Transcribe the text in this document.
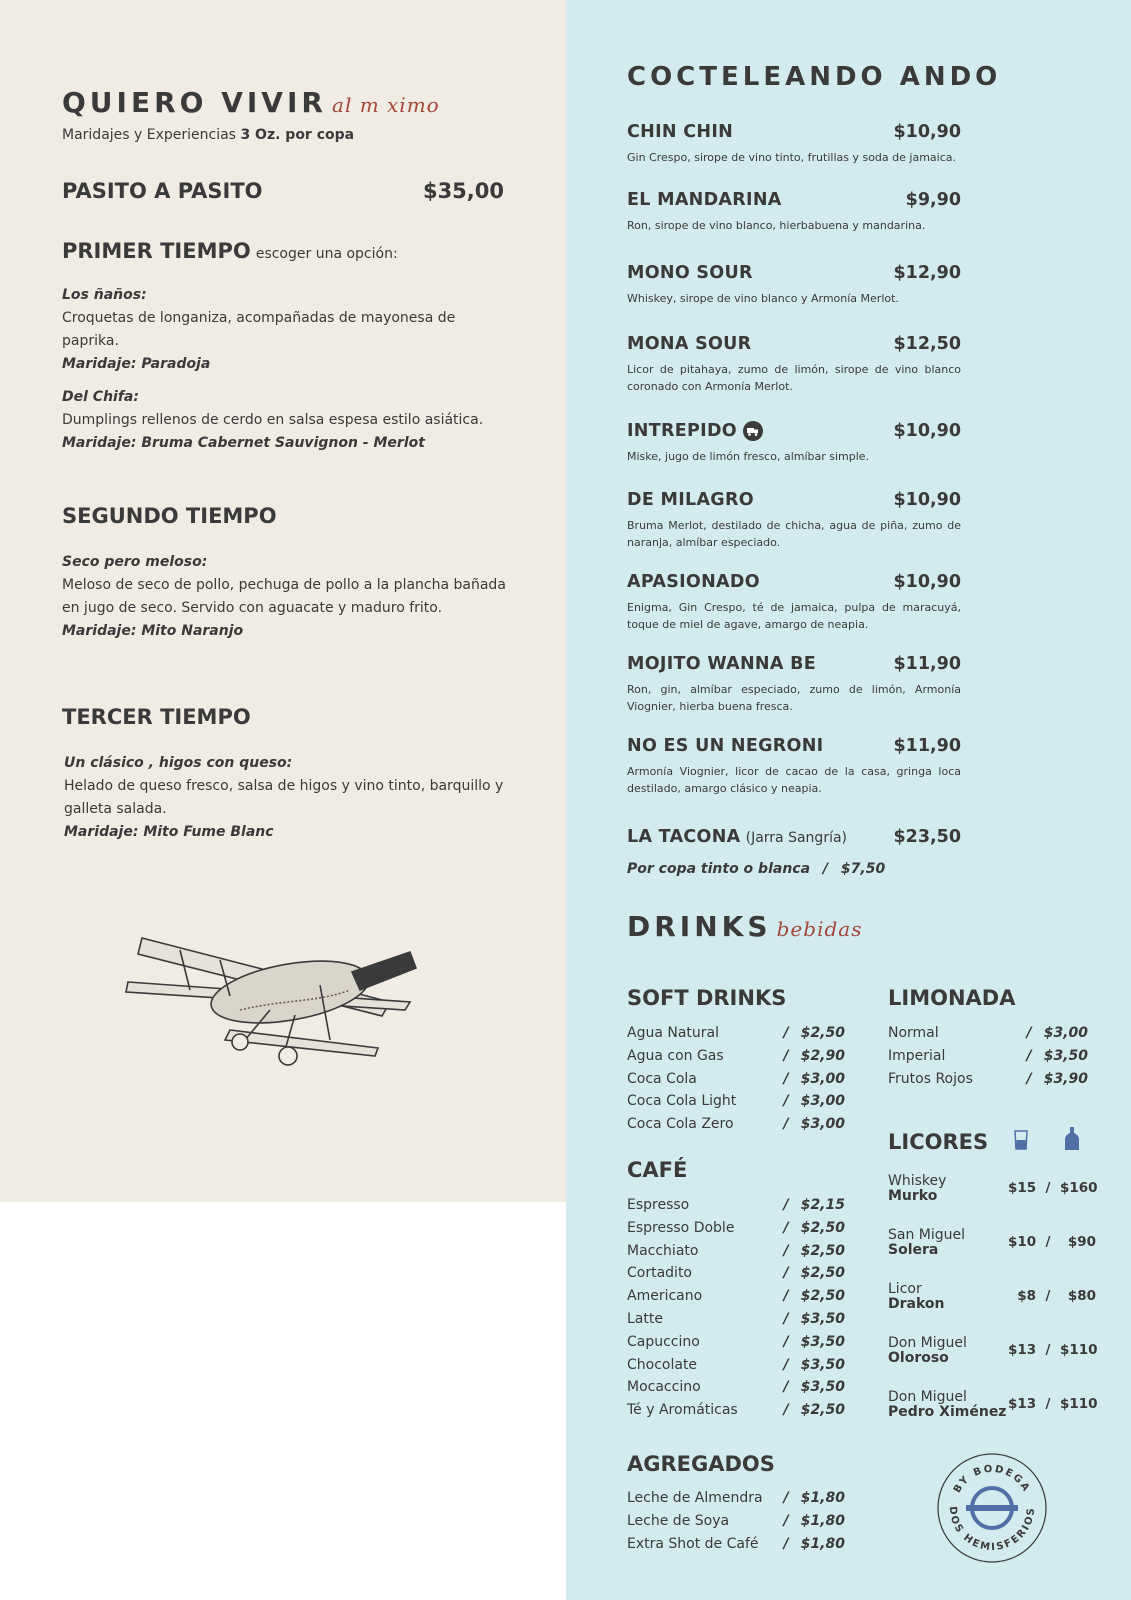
QUIERO VIVIR al m ximo
Maridajes y Experiencias 3 Oz. por copa
PASITO A PASITO	$35,00
PRIMER TIEMPO escoger una opción:
Los ñaños:
Croquetas de longaniza, acompañadas de mayonesa de paprika.
Maridaje: Paradoja
Del Chifa:
Dumplings rellenos de cerdo en salsa espesa estilo asiática.
Maridaje: Bruma Cabernet Sauvignon - Merlot
SEGUNDO TIEMPO
Seco pero meloso:
Meloso de seco de pollo, pechuga de pollo a la plancha bañada en jugo de seco. Servido con aguacate y maduro frito.
Maridaje: Mito Naranjo
TERCER TIEMPO
Un clásico , higos con queso:
Helado de queso fresco, salsa de higos y vino tinto, barquillo y galleta salada.
Maridaje: Mito Fume Blanc
COCTELEANDO ANDO
CHIN CHIN	$10,90
Gin Crespo, sirope de vino tinto, frutillas y soda de jamaica.
EL MANDARINA	$9,90
Ron, sirope de vino blanco, hierbabuena y mandarina.
MONO SOUR	$12,90
Whiskey, sirope de vino blanco y Armonía Merlot.
MONA SOUR	$12,50
Licor de pitahaya, zumo de limón, sirope de vino blanco coronado con Armonía Merlot.
INTREPIDO	$10,90
Miske, jugo de limón fresco, almíbar simple.
DE MILAGRO	$10,90
Bruma Merlot, destilado de chicha, agua de piña, zumo de naranja, almíbar especiado.
APASIONADO	$10,90
Enigma, Gin Crespo, té de jamaica, pulpa de maracuyá, toque de miel de agave, amargo de neapia.
MOJITO WANNA BE	$11,90
Ron, gin, almíbar especiado, zumo de limón, Armonía Viognier, hierba buena fresca.
NO ES UN NEGRONI	$11,90
Armonía Viognier, licor de cacao de la casa, gringa loca destilado, amargo clásico y neapia.
LA TACONA (Jarra Sangría)	$23,50
Por copa tinto o blanca / $7,50
DRINKS bebidas
SOFT DRINKS
Agua Natural	/ $2,50
Agua con Gas	/ $2,90
Coca Cola	/ $3,00
Coca Cola Light	/ $3,00
Coca Cola Zero	/ $3,00
CAFÉ
Espresso	/ $2,15
Espresso Doble	/ $2,50
Macchiato	/ $2,50
Cortadito	/ $2,50
Americano	/ $2,50
Latte	/ $3,50
Capuccino	/ $3,50
Chocolate	/ $3,50
Mocaccino	/ $3,50
Té y Aromáticas	/ $2,50
AGREGADOS
Leche de Almendra	/ $1,80
Leche de Soya	/ $1,80
Extra Shot de Café	/ $1,80
LIMONADA
Normal	/ $3,00
Imperial	/ $3,50
Frutos Rojos	/ $3,90
LICORES
Whiskey
Murko	$15 / $160
San Miguel
Solera	$10 / $90
Licor
Drakon	$8 / $80
Don Miguel
Oloroso	$13 / $110
Don Miguel
Pedro Ximénez $13 / $110
BY BODEGA
DOS HEMISFERIOS
